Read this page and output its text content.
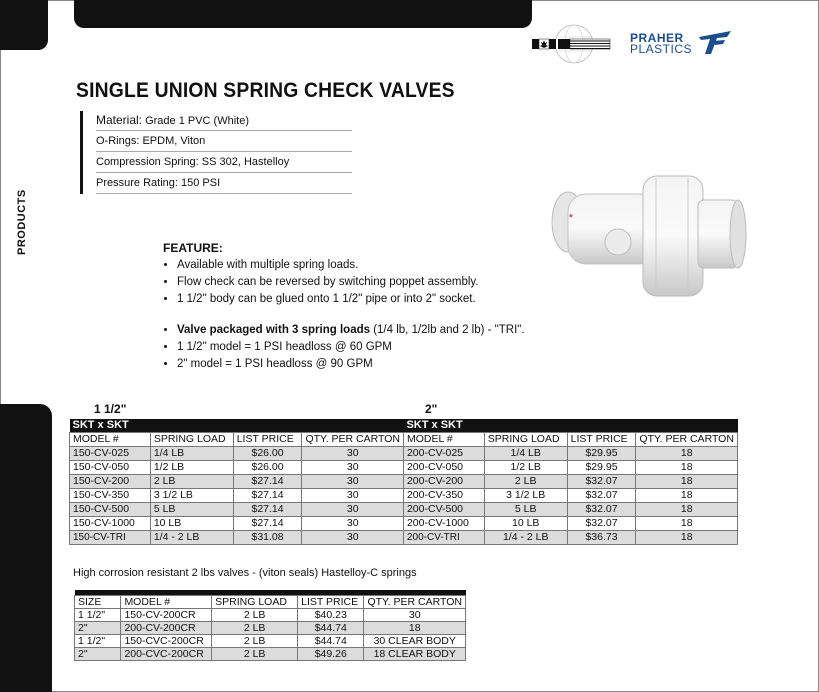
PRODUCTS
PRAHER
PLASTICS
SINGLE UNION SPRING CHECK VALVES
Material: Grade 1 PVC (White)
O-Rings: EPDM, Viton
Compression Spring: SS 302, Hastelloy
Pressure Rating: 150 PSI
■
FEATURE:
• Available with multiple spring loads.
• Flow check can be reversed by switching poppet assembly.
• 1 1/2" body can be glued onto 1 1/2" pipe or into 2" socket.
• Valve packaged with 3 spring loads (1/4 lb, 1/2lb and 2 lb) - "TRI".
• 1 1/2" model = 1 PSI headloss @ 60 GPM
• 2" model = 1 PSI headloss @ 90 GPM
1 1/2"	2"
SKT x SKT				SKT x SKT			
MODEL #	SPRING LOAD	LIST PRICE	QTY. PER CARTON	MODEL #	SPRING LOAD	LIST PRICE	QTY. PER CARTON
150-CV-025	1/4 LB	$26.00	30	200-CV-025	1/4 LB	$29.95	18
150-CV-050	1/2 LB	$26.00	30	200-CV-050	1/2 LB	$29.95	18
150-CV-200	2 LB	$27.14	30	200-CV-200	2 LB	$32.07	18
150-CV-350	3 1/2 LB	$27.14	30	200-CV-350	3 1/2 LB	$32.07	18
150-CV-500	5 LB	$27.14	30	200-CV-500	5 LB	$32.07	18
150-CV-1000	10 LB	$27.14	30	200-CV-1000	10 LB	$32.07	18
150-CV-TRI	1/4 - 2 LB	$31.08	30	200-CV-TRI	1/4 - 2 LB	$36.73	18
High corrosion resistant 2 lbs valves - (viton seals) Hastelloy-C springs

SIZE	MODEL #	SPRING LOAD	LIST PRICE	QTY. PER CARTON
1 1/2"	150-CV-200CR	2 LB	$40.23	30
2"	200-CV-200CR	2 LB	$44.74	18
1 1/2"	150-CVC-200CR	2 LB	$44.74	30 CLEAR BODY
2"	200-CVC-200CR	2 LB	$49.26	18 CLEAR BODY
